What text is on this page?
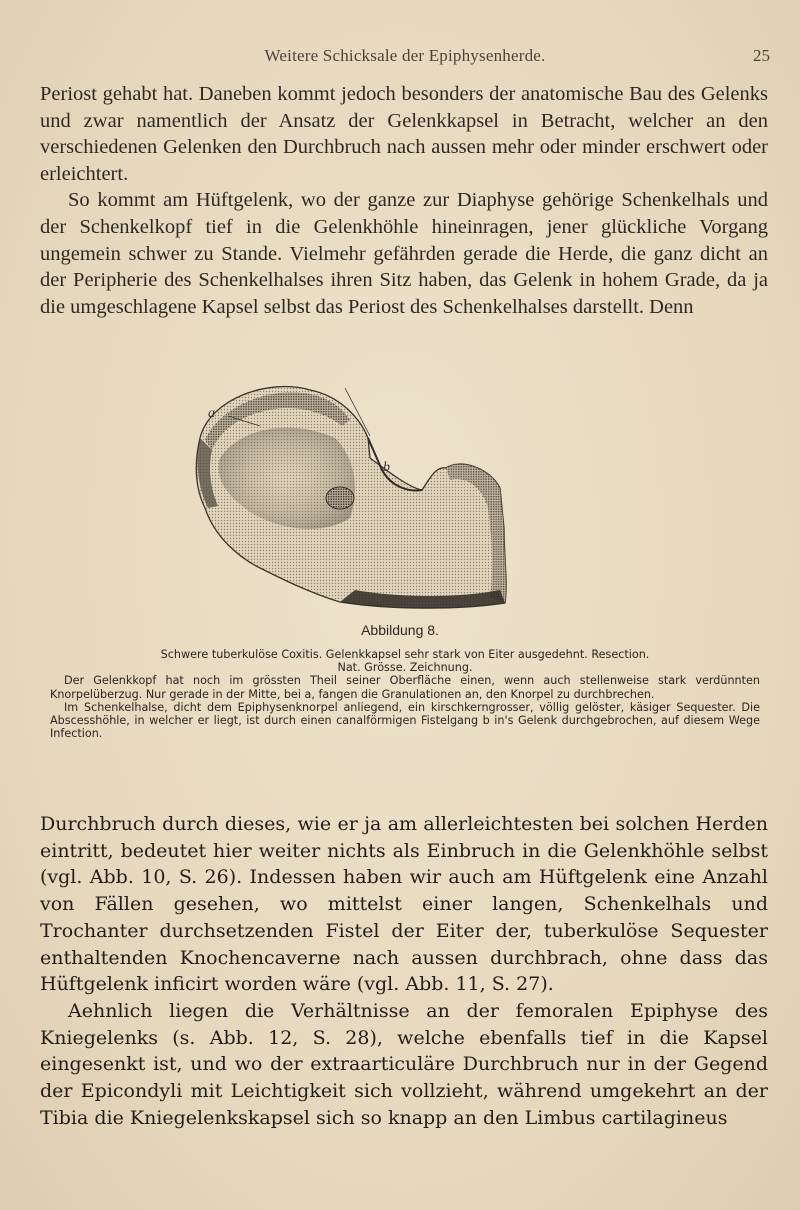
Weitere Schicksale der Epiphysenherde.	25

Periost gehabt hat. Daneben kommt jedoch besonders der anatomische Bau des Gelenks und zwar namentlich der Ansatz der Gelenkkapsel in Betracht, welcher an den verschiedenen Gelenken den Durchbruch nach aussen mehr oder minder erschwert oder erleichtert.

So kommt am Hüftgelenk, wo der ganze zur Diaphyse gehörige Schenkelhals und der Schenkelkopf tief in die Gelenkhöhle hineinragen, jener glückliche Vorgang ungemein schwer zu Stande. Vielmehr gefährden gerade die Herde, die ganz dicht an der Peripherie des Schenkelhalses ihren Sitz haben, das Gelenk in hohem Grade, da ja die umgeschlagene Kapsel selbst das Periost des Schenkelhalses darstellt. Denn

a
b
Abbildung 8.

Schwere tuberkulöse Coxitis. Gelenkkapsel sehr stark von Eiter ausgedehnt. Resection.

Nat. Grösse. Zeichnung.

Der Gelenkkopf hat noch im grössten Theil seiner Oberfläche einen, wenn auch stellenweise stark verdünnten Knorpelüberzug. Nur gerade in der Mitte, bei a, fangen die Granulationen an, den Knorpel zu durchbrechen.

Im Schenkelhalse, dicht dem Epiphysenknorpel anliegend, ein kirschkerngrosser, völlig gelöster, käsiger Sequester. Die Abscesshöhle, in welcher er liegt, ist durch einen canalförmigen Fistelgang b in's Gelenk durchgebrochen, auf diesem Wege Infection.

Durchbruch durch dieses, wie er ja am allerleichtesten bei solchen Herden eintritt, bedeutet hier weiter nichts als Einbruch in die Gelenkhöhle selbst (vgl. Abb. 10, S. 26). Indessen haben wir auch am Hüftgelenk eine Anzahl von Fällen gesehen, wo mittelst einer langen, Schenkelhals und Trochanter durchsetzenden Fistel der Eiter der, tuberkulöse Sequester enthaltenden Knochencaverne nach aussen durchbrach, ohne dass das Hüftgelenk inficirt worden wäre (vgl. Abb. 11, S. 27).

Aehnlich liegen die Verhältnisse an der femoralen Epiphyse des Kniegelenks (s. Abb. 12, S. 28), welche ebenfalls tief in die Kapsel eingesenkt ist, und wo der extraarticuläre Durchbruch nur in der Gegend der Epicondyli mit Leichtigkeit sich vollzieht, während umgekehrt an der Tibia die Kniegelenkskapsel sich so knapp an den Limbus cartilagineus
